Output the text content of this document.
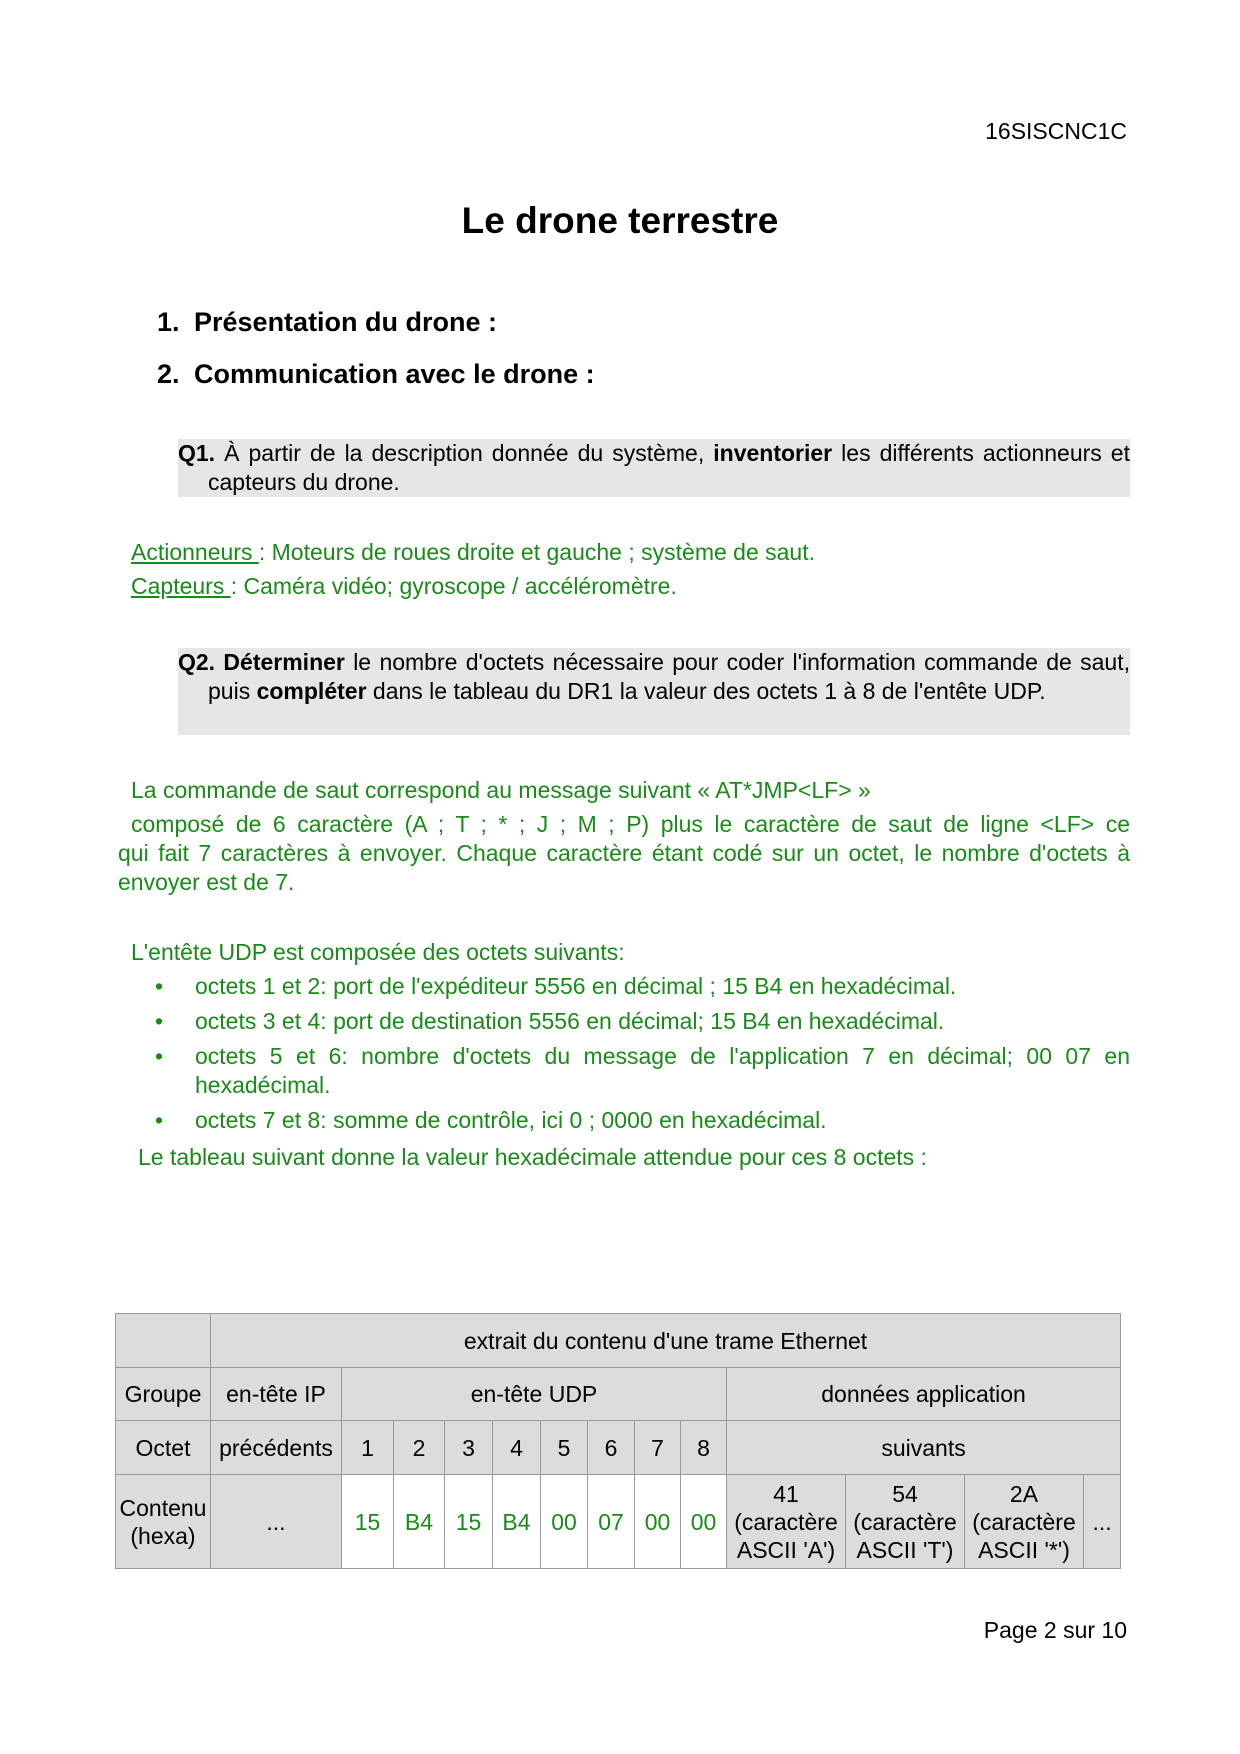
16SISCNC1C
Le drone terrestre
1. Présentation du drone :
2. Communication avec le drone :
Q1. À partir de la description donnée du système, inventorier les différents actionneurs et capteurs du drone.
Actionneurs : Moteurs de roues droite et gauche ; système de saut.
Capteurs : Caméra vidéo; gyroscope / accéléromètre.
Q2. Déterminer le nombre d'octets nécessaire pour coder l'information commande de saut, puis compléter dans le tableau du DR1 la valeur des octets 1 à 8 de l'entête UDP.
La commande de saut correspond au message suivant « AT*JMP<LF> »
composé de 6 caractère (A ; T ; * ; J ; M ; P) plus le caractère de saut de ligne <LF> ce
qui fait 7 caractères à envoyer. Chaque caractère étant codé sur un octet, le nombre d'octets à envoyer est de 7.
L'entête UDP est composée des octets suivants:
• octets 1 et 2: port de l'expéditeur 5556 en décimal ; 15 B4 en hexadécimal.
• octets 3 et 4: port de destination 5556 en décimal; 15 B4 en hexadécimal.
• octets 5 et 6: nombre d'octets du message de l'application 7 en décimal; 00 07 en hexadécimal.
• octets 7 et 8: somme de contrôle, ici 0 ; 0000 en hexadécimal.
Le tableau suivant donne la valeur hexadécimale attendue pour ces 8 octets :
	extrait du contenu d'une trame Ethernet												
Groupe	en-tête IP	en-tête UDP								données application			
Octet	précédents	1	2	3	4	5	6	7	8	suivants			
Contenu
(hexa)	...	15	B4	15	B4	00	07	00	00	41
(caractère
ASCII 'A')	54
(caractère
ASCII 'T')	2A
(caractère
ASCII '*')	...
Page 2 sur 10
